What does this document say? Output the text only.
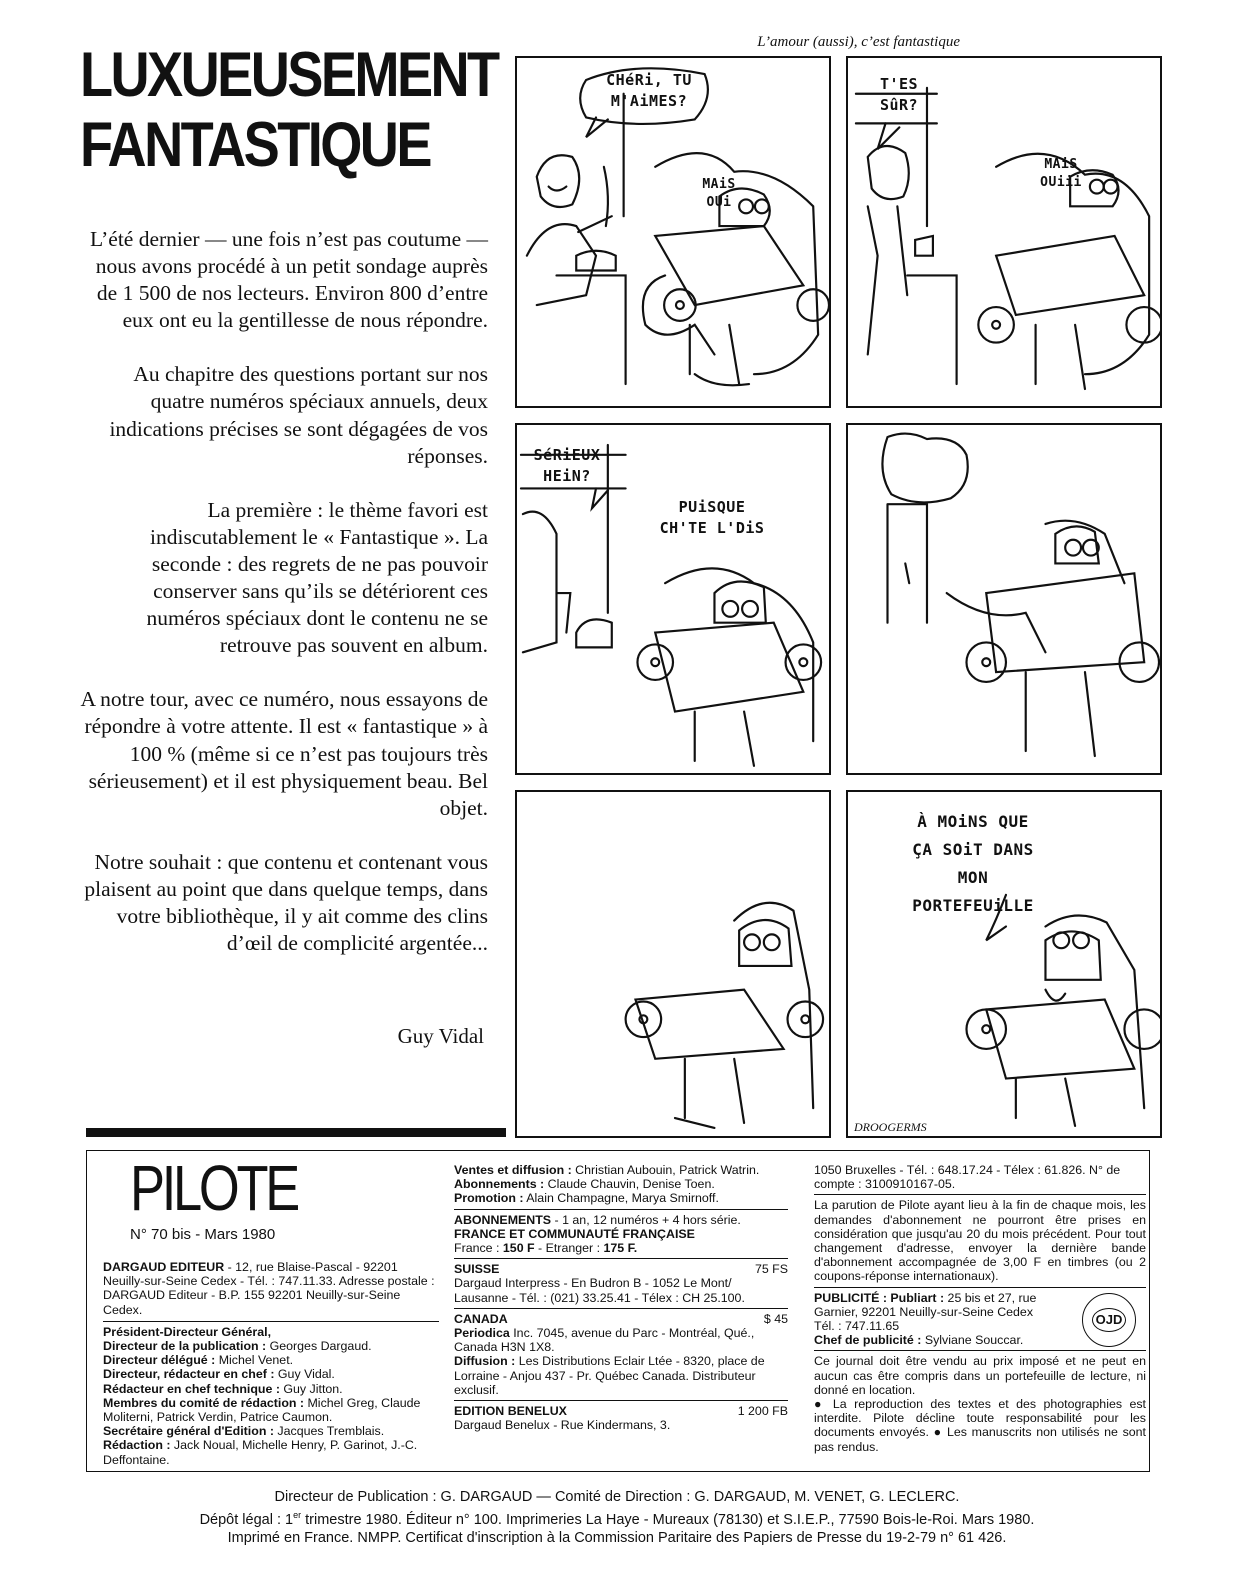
LUXUEUSEMENT
FANTASTIQUE

L’été dernier — une fois n’est pas coutume — nous avons procédé à un petit sondage auprès de 1 500 de nos lecteurs. Environ 800 d’entre eux ont eu la gentillesse de nous répondre.

Au chapitre des questions portant sur nos quatre numéros spéciaux annuels, deux indications précises se sont dégagées de vos réponses.

La première : le thème favori est indiscutablement le « Fantastique ». La seconde : des regrets de ne pas pouvoir conserver sans qu’ils se détériorent ces numéros spéciaux dont le contenu ne se retrouve pas souvent en album.

A notre tour, avec ce numéro, nous essayons de répondre à votre attente. Il est « fantastique » à 100 % (même si ce n’est pas toujours très sérieusement) et il est physiquement beau. Bel objet.

Notre souhait : que contenu et contenant vous plaisent au point que dans quelque temps, dans votre bibliothèque, il y ait comme des clins d’œil de complicité argentée...

Guy Vidal
L’amour (aussi), c’est fantastique
CHéRi, TU
M'AiMES?
MAiS
OUi
T'ES
SûR?
MAiS
OUiii
SéRiEUX
HEiN?
PUiSQUE
CH'TE L'DiS
À MOiNS QUE
ÇA SOiT DANS
MON
PORTEFEUiLLE
DROOGERMS
PILOTE
N° 70 bis - Mars 1980
DARGAUD EDITEUR - 12, rue Blaise-Pascal - 92201 Neuilly-sur-Seine Cedex - Tél. : 747.11.33. Adresse postale : DARGAUD Editeur - B.P. 155 92201 Neuilly-sur-Seine Cedex.
Président-Directeur Général,
Directeur de la publication : Georges Dargaud.
Directeur délégué : Michel Venet.
Directeur, rédacteur en chef : Guy Vidal.
Rédacteur en chef technique : Guy Jitton.
Membres du comité de rédaction : Michel Greg, Claude Moliterni, Patrick Verdin, Patrice Caumon.
Secrétaire général d'Edition : Jacques Tremblais.
Rédaction : Jack Noual, Michelle Henry, P. Garinot, J.-C. Deffontaine.
Ventes et diffusion : Christian Aubouin, Patrick Watrin.
Abonnements : Claude Chauvin, Denise Toen.
Promotion : Alain Champagne, Marya Smirnoff.
ABONNEMENTS - 1 an, 12 numéros + 4 hors série.
FRANCE ET COMMUNAUTÉ FRANÇAISE
France : 150 F - Etranger : 175 F.
SUISSE	75 FS
Dargaud Interpress - En Budron B - 1052 Le Mont/ Lausanne - Tél. : (021) 33.25.41 - Télex : CH 25.100.
CANADA	$ 45
Periodica Inc. 7045, avenue du Parc - Montréal, Qué., Canada H3N 1X8.
Diffusion : Les Distributions Eclair Ltée - 8320, place de Lorraine - Anjou 437 - Pr. Québec Canada. Distributeur exclusif.
EDITION BENELUX	1 200 FB
Dargaud Benelux - Rue Kindermans, 3.
1050 Bruxelles - Tél. : 648.17.24 - Télex : 61.826. N° de compte : 3100910167-05.
La parution de Pilote ayant lieu à la fin de chaque mois, les demandes d'abonnement ne pourront être prises en considération que jusqu'au 20 du mois précédent. Pour tout changement d'adresse, envoyer la dernière bande d'abonnement accompagnée de 3,00 F en timbres (ou 2 coupons-réponse internationaux).
PUBLICITÉ : Publiart : 25 bis et 27, rue Garnier, 92201 Neuilly-sur-Seine Cedex Tél. : 747.11.65
Chef de publicité : Sylviane Souccar.
OJD
Ce journal doit être vendu au prix imposé et ne peut en aucun cas être compris dans un portefeuille de lecture, ni donné en location.
● La reproduction des textes et des photographies est interdite. Pilote décline toute responsabilité pour les documents envoyés. ● Les manuscrits non utilisés ne sont pas rendus.
Directeur de Publication : G. DARGAUD — Comité de Direction : G. DARGAUD, M. VENET, G. LECLERC.
Dépôt légal : 1er trimestre 1980. Éditeur n° 100. Imprimeries La Haye - Mureaux (78130) et S.I.E.P., 77590 Bois-le-Roi. Mars 1980.
Imprimé en France. NMPP. Certificat d'inscription à la Commission Paritaire des Papiers de Presse du 19-2-79 n° 61 426.
